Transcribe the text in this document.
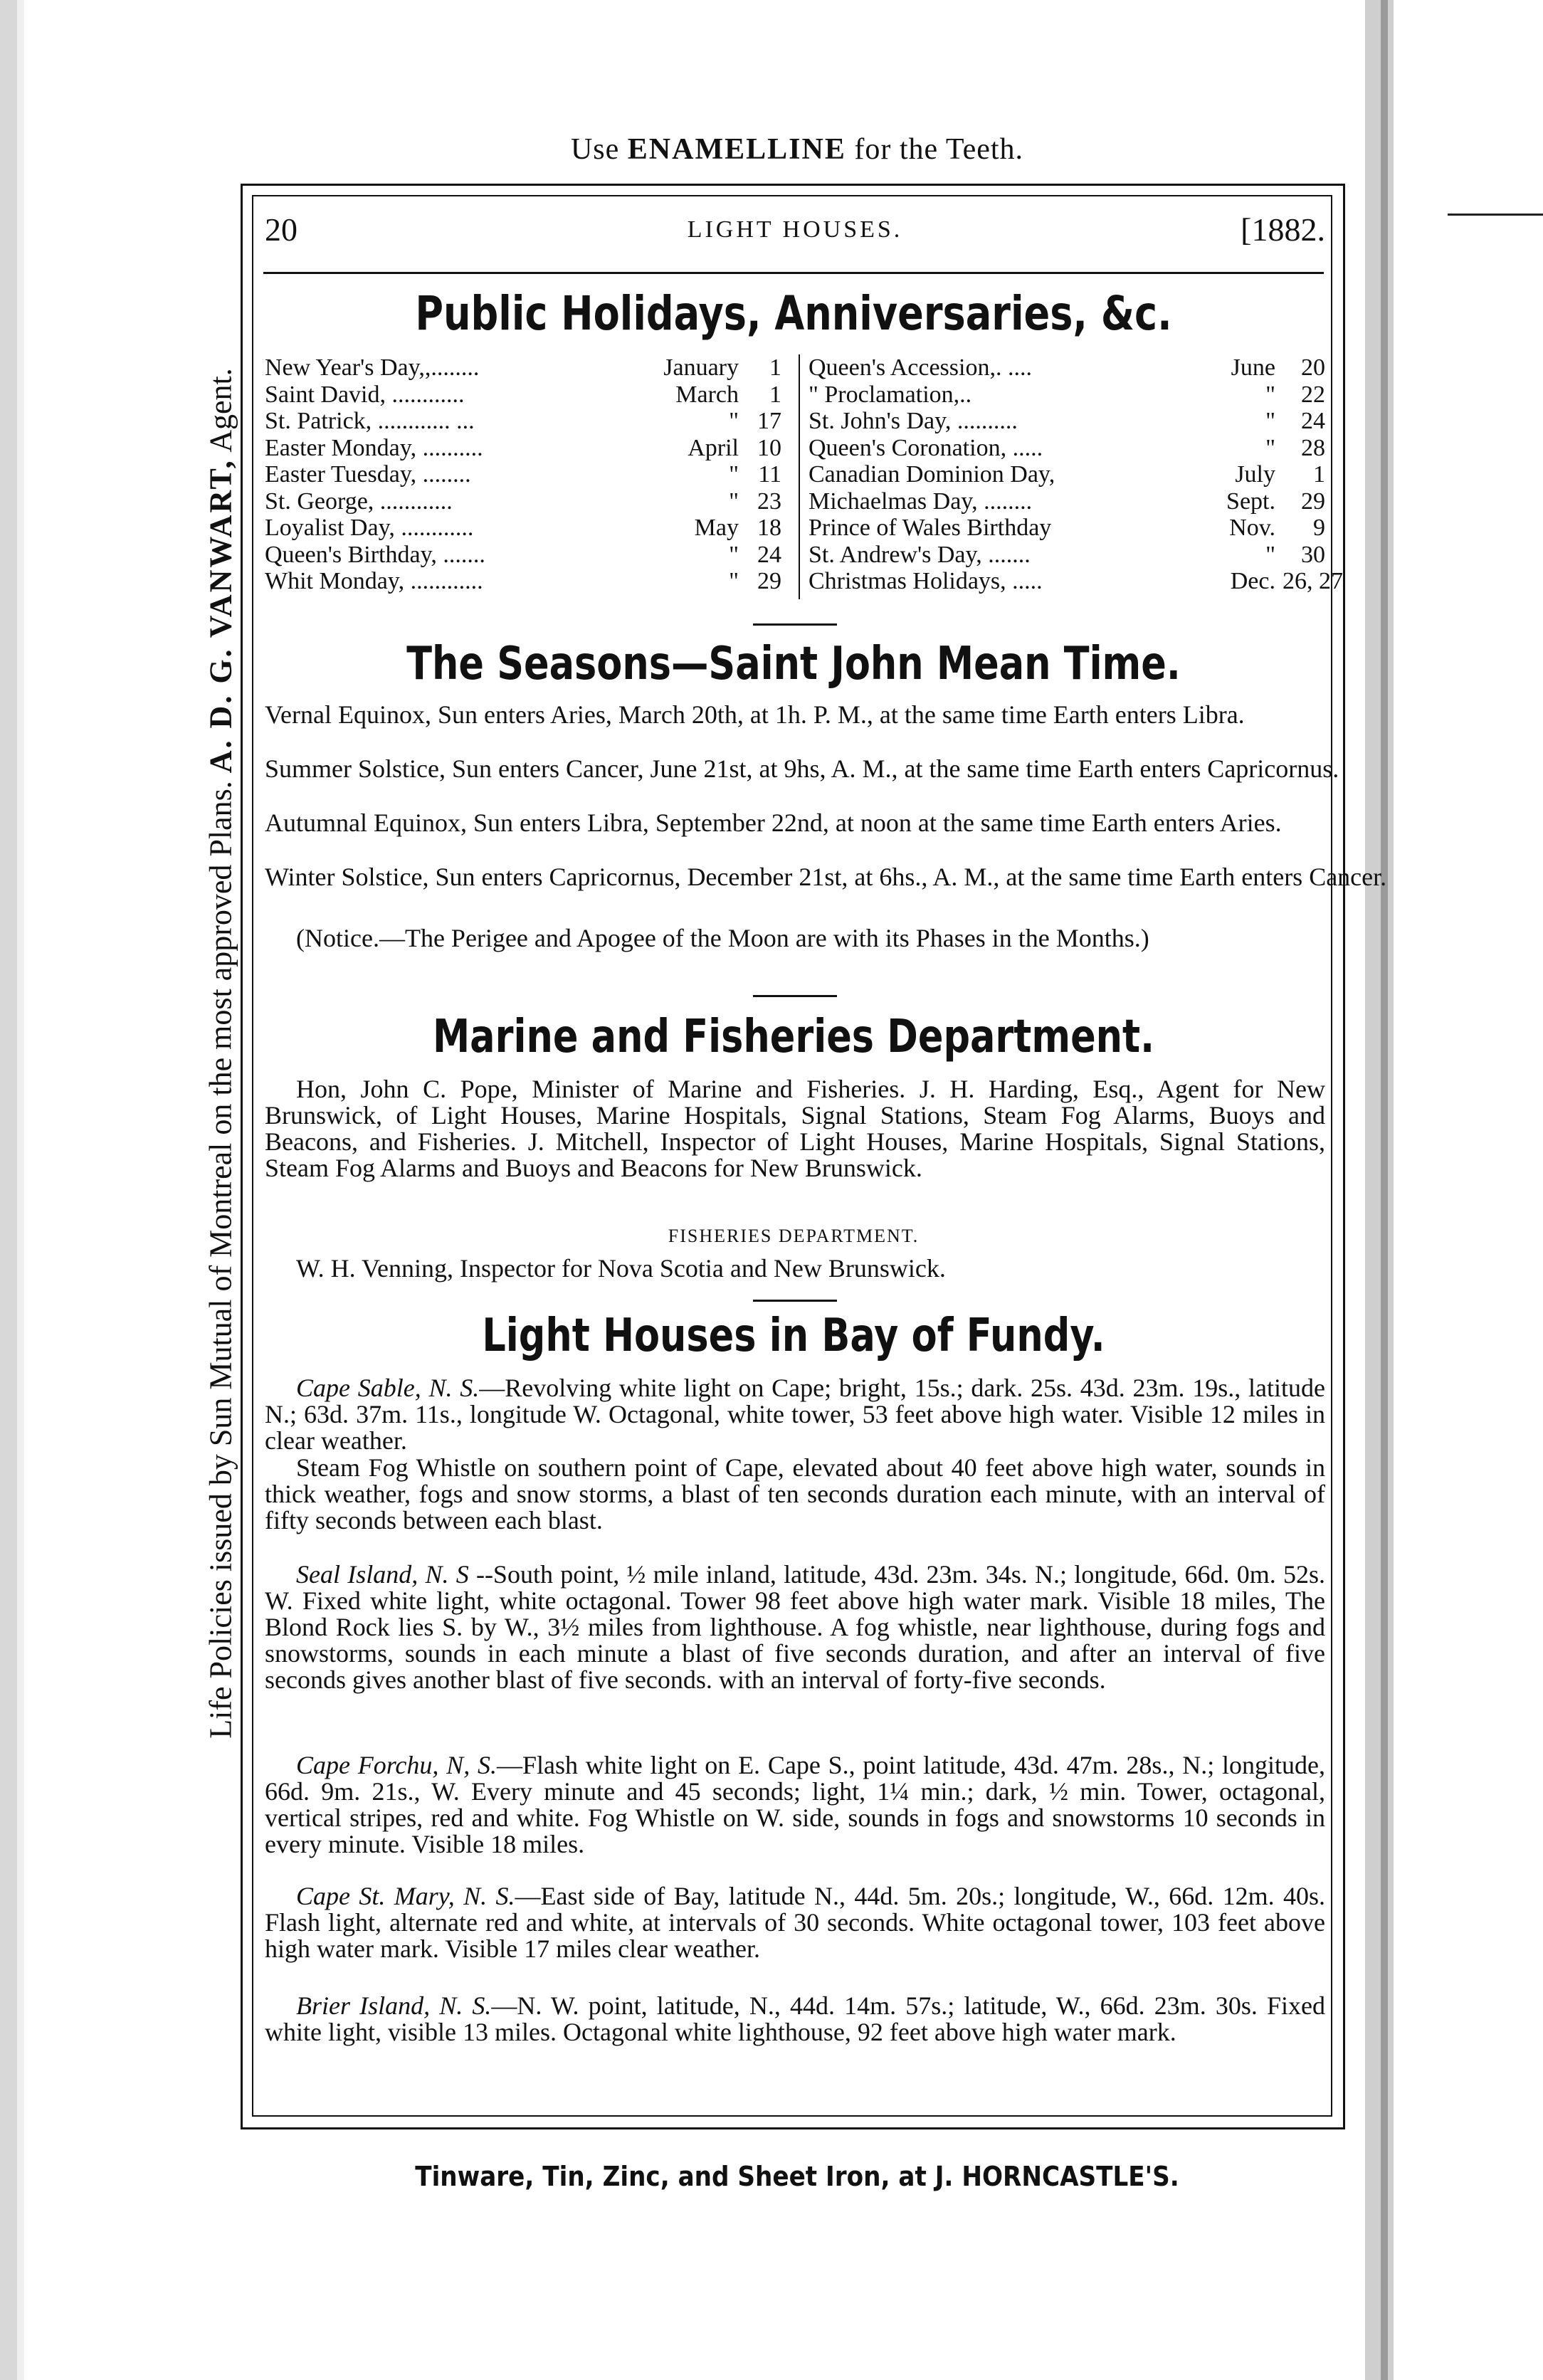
Use ENAMELLINE for the Teeth.
Life Policies issued by Sun Mutual of Montreal on the most approved Plans. A. D. G. VANWART, Agent.
20	LIGHT HOUSES.	[1882.
Public Holidays, Anniversaries, &c.
New Year's Day,,........	January	1
Saint David, ............	March	1
St. Patrick, ............ ...	" 17
Easter Monday, ..........	April 10
Easter Tuesday, ........	" 11
St. George, ............	" 23
Loyalist Day, ............	May 18
Queen's Birthday, .......	" 24
Whit Monday, ............	" 29
Queen's Accession,. ....	June	20
" Proclamation,..	"	22
St. John's Day, ..........	"	24
Queen's Coronation, .....	"	28
Canadian Dominion Day,	July	1
Michaelmas Day, ........	Sept.	29
Prince of Wales Birthday	Nov.	9
St. Andrew's Day, .......	"	30
Christmas Holidays, .....	Dec. 26, 27
The Seasons—Saint John Mean Time.
Vernal Equinox, Sun enters Aries, March 20th, at 1h. P. M., at the same time Earth enters Libra.
Summer Solstice, Sun enters Cancer, June 21st, at 9hs, A. M., at the same time Earth enters Capricornus.
Autumnal Equinox, Sun enters Libra, September 22nd, at noon at the same time Earth enters Aries.
Winter Solstice, Sun enters Capricornus, December 21st, at 6hs., A. M., at the same time Earth enters Cancer.
(Notice.—The Perigee and Apogee of the Moon are with its Phases in the Months.)
Marine and Fisheries Department.
Hon, John C. Pope, Minister of Marine and Fisheries. J. H. Harding, Esq., Agent for New Brunswick, of Light Houses, Marine Hospitals, Signal Stations, Steam Fog Alarms, Buoys and Beacons, and Fisheries. J. Mitchell, Inspector of Light Houses, Marine Hospitals, Signal Stations, Steam Fog Alarms and Buoys and Beacons for New Brunswick.
FISHERIES DEPARTMENT.
W. H. Venning, Inspector for Nova Scotia and New Brunswick.
Light Houses in Bay of Fundy.
Cape Sable, N. S.—Revolving white light on Cape; bright, 15s.; dark. 25s. 43d. 23m. 19s., latitude N.; 63d. 37m. 11s., longitude W. Octagonal, white tower, 53 feet above high water. Visible 12 miles in clear weather.
Steam Fog Whistle on southern point of Cape, elevated about 40 feet above high water, sounds in thick weather, fogs and snow storms, a blast of ten seconds duration each minute, with an interval of fifty seconds between each blast.
Seal Island, N. S --South point, ½ mile inland, latitude, 43d. 23m. 34s. N.; longitude, 66d. 0m. 52s. W. Fixed white light, white octagonal. Tower 98 feet above high water mark. Visible 18 miles, The Blond Rock lies S. by W., 3½ miles from lighthouse. A fog whistle, near lighthouse, during fogs and snowstorms, sounds in each minute a blast of five seconds duration, and after an interval of five seconds gives another blast of five seconds. with an interval of forty-five seconds.
Cape Forchu, N, S.—Flash white light on E. Cape S., point latitude, 43d. 47m. 28s., N.; longitude, 66d. 9m. 21s., W. Every minute and 45 seconds; light, 1¼ min.; dark, ½ min. Tower, octagonal, vertical stripes, red and white. Fog Whistle on W. side, sounds in fogs and snowstorms 10 seconds in every minute. Visible 18 miles.
Cape St. Mary, N. S.—East side of Bay, latitude N., 44d. 5m. 20s.; longitude, W., 66d. 12m. 40s. Flash light, alternate red and white, at intervals of 30 seconds. White octagonal tower, 103 feet above high water mark. Visible 17 miles clear weather.
Brier Island, N. S.—N. W. point, latitude, N., 44d. 14m. 57s.; latitude, W., 66d. 23m. 30s. Fixed white light, visible 13 miles. Octagonal white lighthouse, 92 feet above high water mark.
Tinware, Tin, Zinc, and Sheet Iron, at J. HORNCASTLE'S.
